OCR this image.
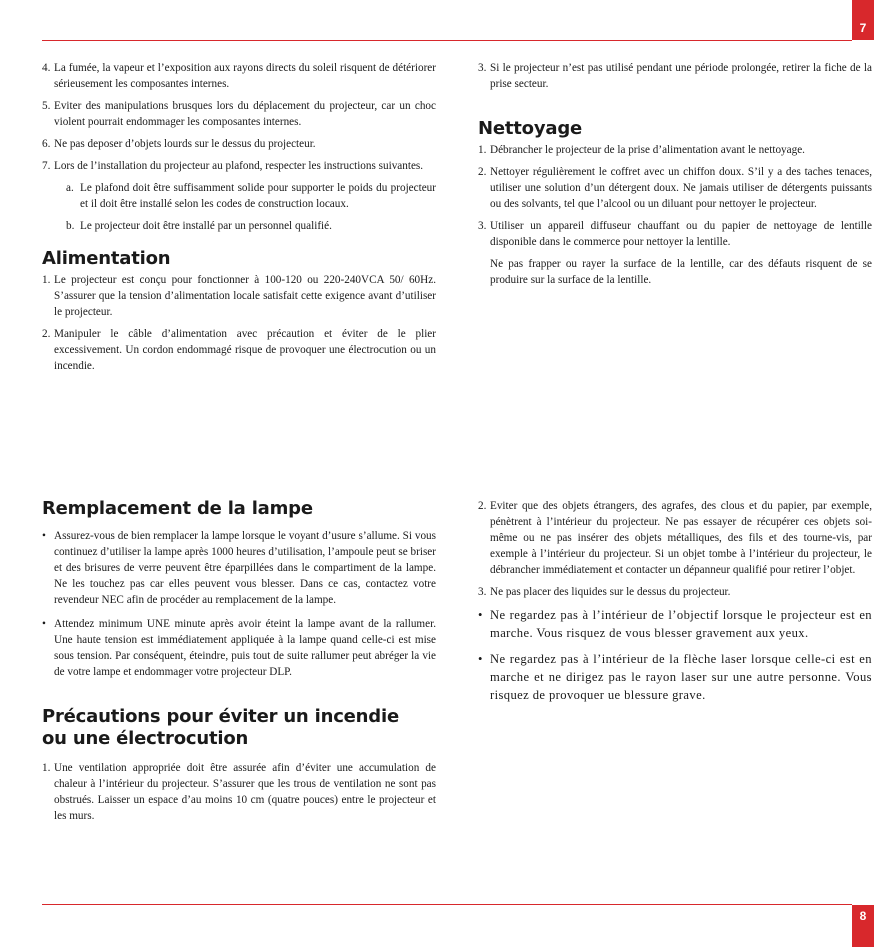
7
4. La fumée, la vapeur et l’exposition aux rayons directs du soleil risquent de détériorer sérieusement les composantes internes.
5. Eviter des manipulations brusques lors du déplacement du projecteur, car un choc violent pourrait endommager les composantes internes.
6. Ne pas deposer d’objets lourds sur le dessus du projecteur.
7. Lors de l’installation du projecteur au plafond, respecter les instructions suivantes.
a. Le plafond doit être suffisamment solide pour supporter le poids du projecteur et il doit être installé selon les codes de construction locaux.
b. Le projecteur doit être installé par un personnel qualifié.
Alimentation
1. Le projecteur est conçu pour fonctionner à 100-120 ou 220-240VCA 50/ 60Hz. S’assurer que la tension d’alimentation locale satisfait cette exigence avant d’utiliser le projecteur.
2. Manipuler le câble d’alimentation avec précaution et éviter de le plier excessivement. Un cordon endommagé risque de provoquer une électrocution ou un incendie.
3. Si le projecteur n’est pas utilisé pendant une période prolongée, retirer la fiche de la prise secteur.
Nettoyage
1. Débrancher le projecteur de la prise d’alimentation avant le nettoyage.
2. Nettoyer régulièrement le coffret avec un chiffon doux. S’il y a des taches tenaces, utiliser une solution d’un détergent doux. Ne jamais utiliser de détergents puissants ou des solvants, tel que l’alcool ou un diluant pour nettoyer le projecteur.
3. Utiliser un appareil diffuseur chauffant ou du papier de nettoyage de lentille disponible dans le commerce pour nettoyer la lentille.

Ne pas frapper ou rayer la surface de la lentille, car des défauts risquent de se produire sur la surface de la lentille.

Remplacement de la lampe
• Assurez-vous de bien remplacer la lampe lorsque le voyant d’usure s’allume. Si vous continuez d’utiliser la lampe après 1000 heures d’utilisation, l’ampoule peut se briser et des brisures de verre peuvent être éparpillées dans le compartiment de la lampe. Ne les touchez pas car elles peuvent vous blesser. Dans ce cas, contactez votre revendeur NEC afin de procéder au remplacement de la lampe.
• Attendez minimum UNE minute après avoir éteint la lampe avant de la rallumer. Une haute tension est immédiatement appliquée à la lampe quand celle-ci est mise sous tension. Par conséquent, éteindre, puis tout de suite rallumer peut abréger la vie de votre lampe et endommager votre projecteur DLP.
Précautions pour éviter un incendie ou une électrocution
1. Une ventilation appropriée doit être assurée afin d’éviter une accumulation de chaleur à l’intérieur du projecteur. S’assurer que les trous de ventilation ne sont pas obstrués. Laisser un espace d’au moins 10 cm (quatre pouces) entre le projecteur et les murs.
2. Eviter que des objets étrangers, des agrafes, des clous et du papier, par exemple, pénètrent à l’intérieur du projecteur. Ne pas essayer de récupérer ces objets soi-même ou ne pas insérer des objets métalliques, des fils et des tourne-vis, par exemple à l’intérieur du projecteur. Si un objet tombe à l’intérieur du projecteur, le débrancher immédiatement et contacter un dépanneur qualifié pour retirer l’objet.
3. Ne pas placer des liquides sur le dessus du projecteur.
• Ne regardez pas à l’intérieur de l’objectif lorsque le projecteur est en marche. Vous risquez de vous blesser gravement aux yeux.
• Ne regardez pas à l’intérieur de la flèche laser lorsque celle-ci est en marche et ne dirigez pas le rayon laser sur une autre personne. Vous risquez de provoquer ue blessure grave.
8
